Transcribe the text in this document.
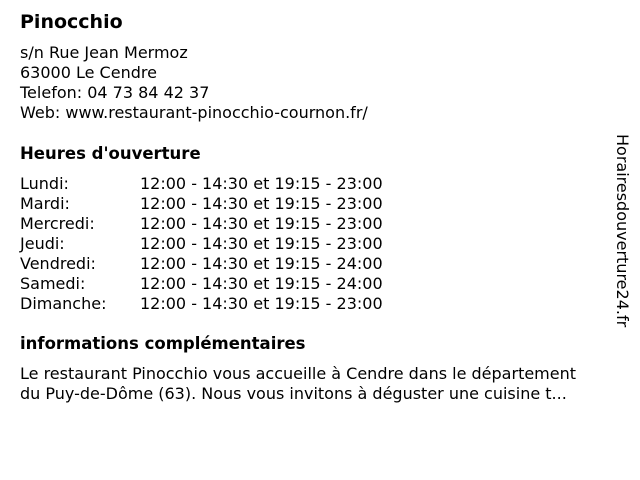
Pinocchio
s/n Rue Jean Mermoz
63000 Le Cendre
Telefon: 04 73 84 42 37
Web: www.restaurant-pinocchio-cournon.fr/
Heures d'ouverture
Lundi:	12:00 - 14:30 et 19:15 - 23:00
Mardi:	12:00 - 14:30 et 19:15 - 23:00
Mercredi:	12:00 - 14:30 et 19:15 - 23:00
Jeudi:	12:00 - 14:30 et 19:15 - 23:00
Vendredi:	12:00 - 14:30 et 19:15 - 24:00
Samedi:	12:00 - 14:30 et 19:15 - 24:00
Dimanche: 12:00 - 14:30 et 19:15 - 23:00
informations complémentaires
Le restaurant Pinocchio vous accueille à Cendre dans le département
du Puy-de-Dôme (63). Nous vous invitons à déguster une cuisine t...
Horairesdouverture24.fr
